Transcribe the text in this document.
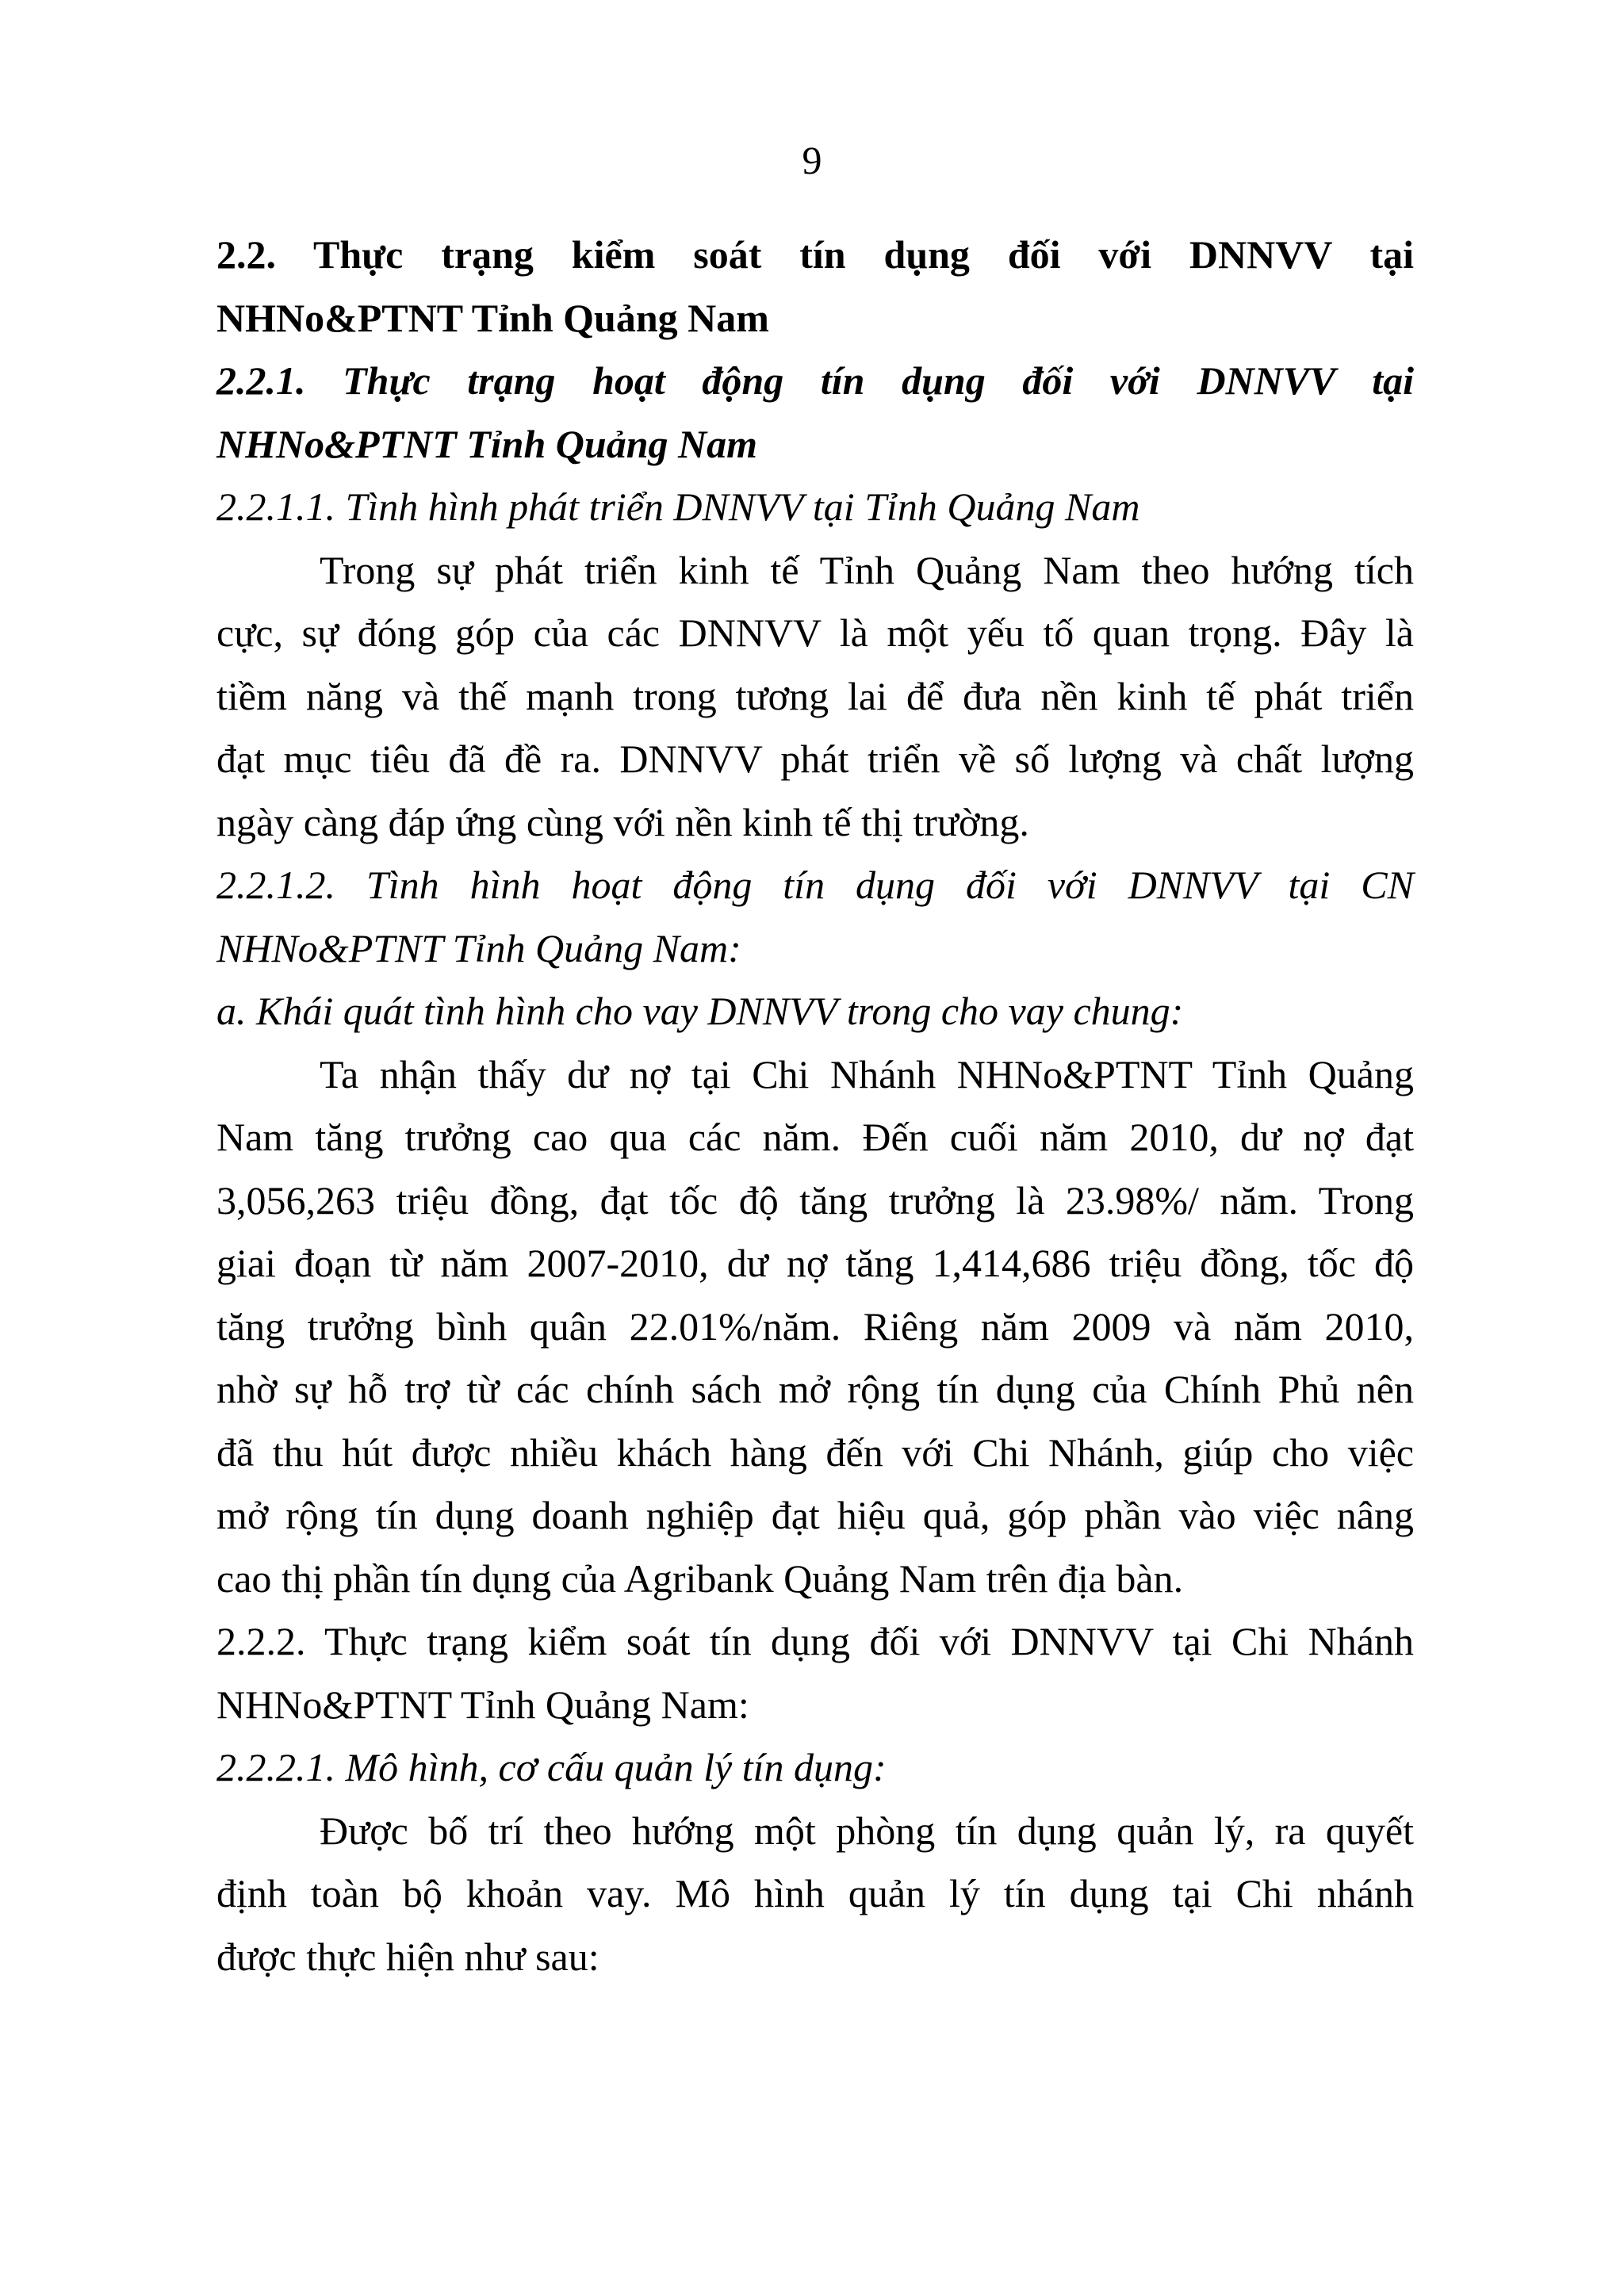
9
2.2. Thực trạng kiểm soát tín dụng đối với DNNVV tại
NHNo&PTNT Tỉnh Quảng Nam
2.2.1. Thực trạng hoạt động tín dụng đối với DNNVV tại
NHNo&PTNT Tỉnh Quảng Nam
2.2.1.1. Tình hình phát triển DNNVV tại Tỉnh Quảng Nam
Trong sự phát triển kinh tế Tỉnh Quảng Nam theo hướng tích
cực, sự đóng góp của các DNNVV là một yếu tố quan trọng. Đây là
tiềm năng và thế mạnh trong tương lai để đưa nền kinh tế phát triển
đạt mục tiêu đã đề ra. DNNVV phát triển về số lượng và chất lượng
ngày càng đáp ứng cùng với nền kinh tế thị trường.
2.2.1.2. Tình hình hoạt động tín dụng đối với DNNVV tại CN
NHNo&PTNT Tỉnh Quảng Nam:
a. Khái quát tình hình cho vay DNNVV trong cho vay chung:
Ta nhận thấy dư nợ tại Chi Nhánh NHNo&PTNT Tỉnh Quảng
Nam tăng trưởng cao qua các năm. Đến cuối năm 2010, dư nợ đạt
3,056,263 triệu đồng, đạt tốc độ tăng trưởng là 23.98%/ năm. Trong
giai đoạn từ năm 2007-2010, dư nợ tăng 1,414,686 triệu đồng, tốc độ
tăng trưởng bình quân 22.01%/năm. Riêng năm 2009 và năm 2010,
nhờ sự hỗ trợ từ các chính sách mở rộng tín dụng của Chính Phủ nên
đã thu hút được nhiều khách hàng đến với Chi Nhánh, giúp cho việc
mở rộng tín dụng doanh nghiệp đạt hiệu quả, góp phần vào việc nâng
cao thị phần tín dụng của Agribank Quảng Nam trên địa bàn.
2.2.2. Thực trạng kiểm soát tín dụng đối với DNNVV tại Chi Nhánh
NHNo&PTNT Tỉnh Quảng Nam:
2.2.2.1. Mô hình, cơ cấu quản lý tín dụng:
Được bố trí theo hướng một phòng tín dụng quản lý, ra quyết
định toàn bộ khoản vay. Mô hình quản lý tín dụng tại Chi nhánh
được thực hiện như sau:
